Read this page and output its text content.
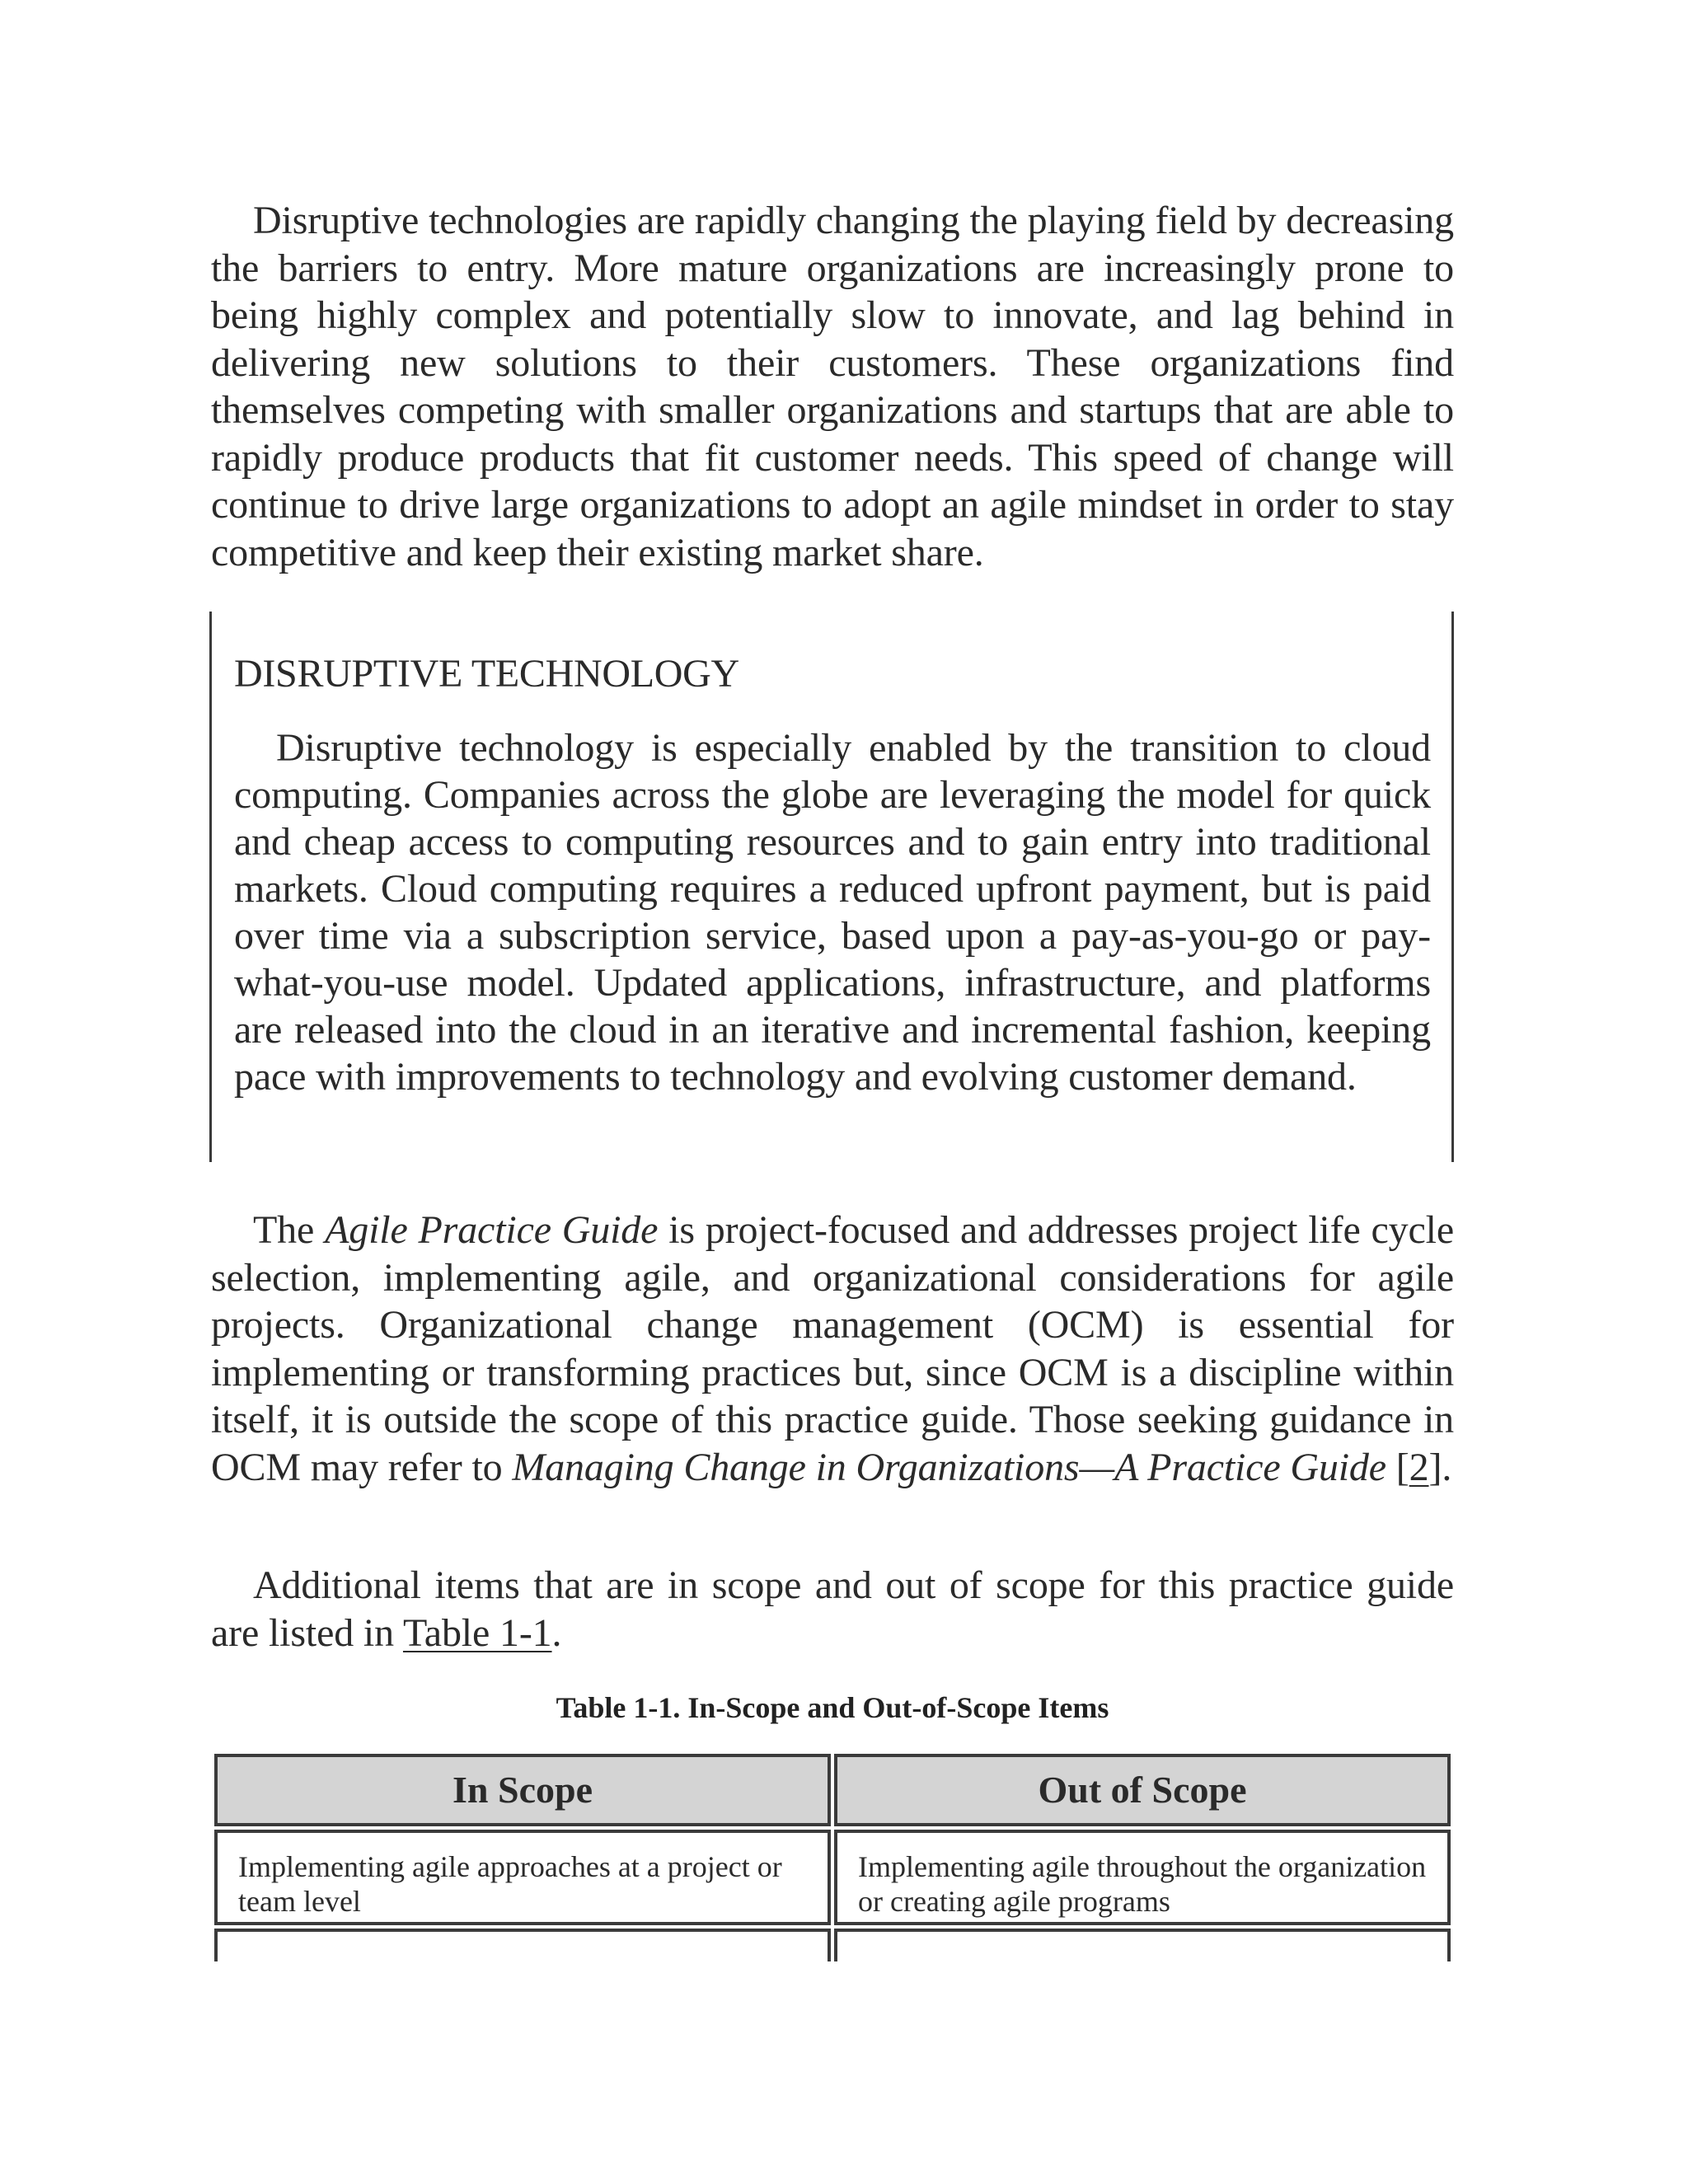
Disruptive technologies are rapidly changing the playing field by decreasing the barriers to entry. More mature organizations are increasingly prone to being highly complex and potentially slow to innovate, and lag behind in delivering new solutions to their customers. These organizations find themselves competing with smaller organizations and startups that are able to rapidly produce products that fit customer needs. This speed of change will continue to drive large organizations to adopt an agile mindset in order to stay competitive and keep their existing market share.

DISRUPTIVE TECHNOLOGY

Disruptive technology is especially enabled by the transition to cloud computing. Companies across the globe are leveraging the model for quick and cheap access to computing resources and to gain entry into traditional markets. Cloud computing requires a reduced upfront payment, but is paid over time via a subscription service, based upon a pay-as-you-go or pay-what-you-use model. Updated applications, infrastructure, and platforms are released into the cloud in an iterative and incremental fashion, keeping pace with improvements to technology and evolving customer demand.

The Agile Practice Guide is project-focused and addresses project life cycle selection, implementing agile, and organizational considerations for agile projects. Organizational change management (OCM) is essential for implementing or transforming practices but, since OCM is a discipline within itself, it is outside the scope of this practice guide. Those seeking guidance in OCM may refer to Managing Change in Organizations—A Practice Guide [2].

Additional items that are in scope and out of scope for this practice guide are listed in Table 1-1.

Table 1-1. In-Scope and Out-of-Scope Items
In Scope	Out of Scope
Implementing agile approaches at a project or team level
Implementing agile throughout the organization or creating agile programs
